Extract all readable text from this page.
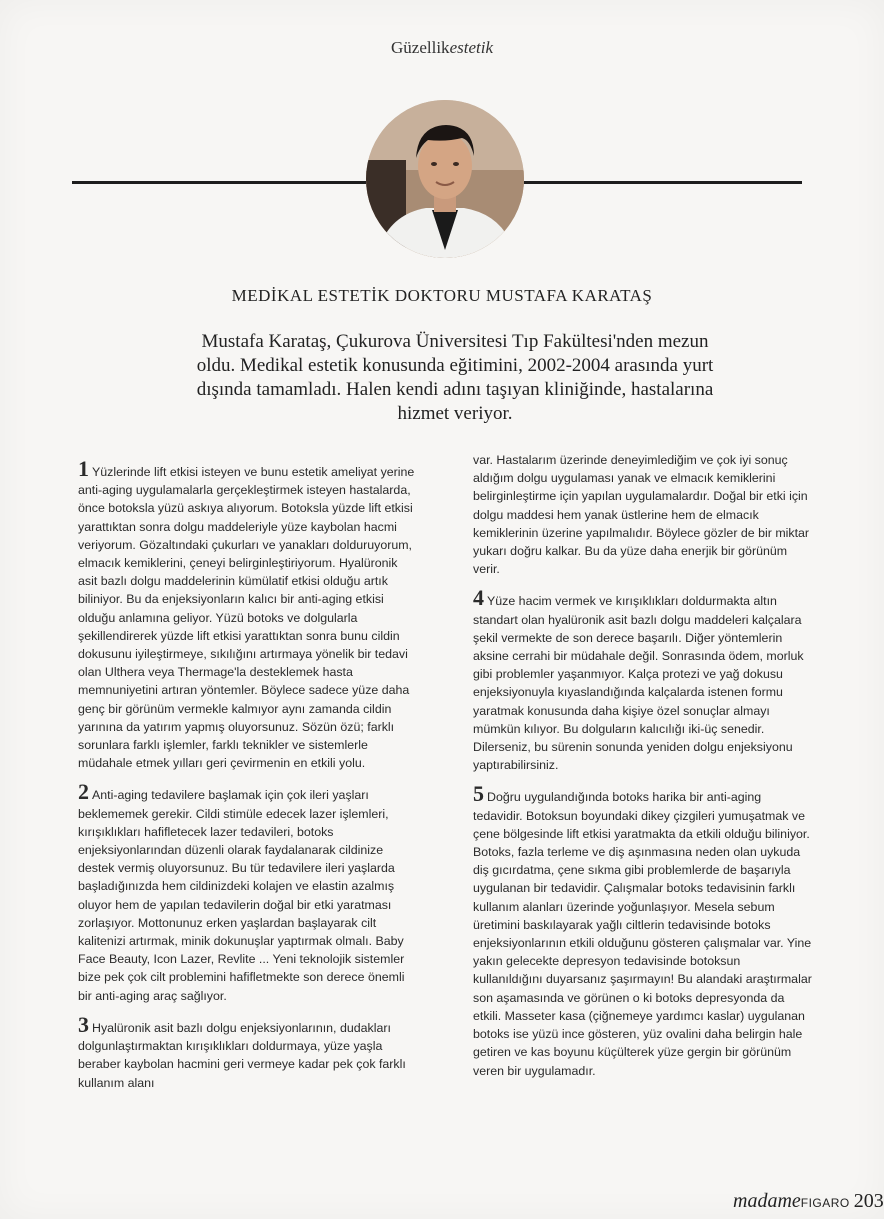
Güzellikestetik
MEDİKAL ESTETİK DOKTORU MUSTAFA KARATAŞ
Mustafa Karataş, Çukurova Üniversitesi Tıp Fakültesi'nden mezun oldu. Medikal estetik konusunda eğitimini, 2002-2004 arasında yurt dışında tamamladı. Halen kendi adını taşıyan kliniğinde, hastalarına hizmet veriyor.

1 Yüzlerinde lift etkisi isteyen ve bunu estetik ameliyat yerine anti-aging uygulamalarla gerçekleştirmek isteyen hastalarda, önce botoksla yüzü askıya alıyorum. Botoksla yüzde lift etkisi yarattıktan sonra dolgu maddeleriyle yüze kaybolan hacmi veriyorum. Gözaltındaki çukurları ve yanakları dolduruyorum, elmacık kemiklerini, çeneyi belirginleştiriyorum. Hyalüronik asit bazlı dolgu maddelerinin kümülatif etkisi olduğu artık biliniyor. Bu da enjeksiyonların kalıcı bir anti-aging etkisi olduğu anlamına geliyor. Yüzü botoks ve dolgularla şekillendirerek yüzde lift etkisi yarattıktan sonra bunu cildin dokusunu iyileştirmeye, sıkılığını artırmaya yönelik bir tedavi olan Ulthera veya Thermage'la desteklemek hasta memnuniyetini artıran yöntemler. Böylece sadece yüze daha genç bir görünüm vermekle kalmıyor aynı zamanda cildin yarınına da yatırım yapmış oluyorsunuz. Sözün özü; farklı sorunlara farklı işlemler, farklı teknikler ve sistemlerle müdahale etmek yılları geri çevirmenin en etkili yolu.

2 Anti-aging tedavilere başlamak için çok ileri yaşları beklememek gerekir. Cildi stimüle edecek lazer işlemleri, kırışıklıkları hafifletecek lazer tedavileri, botoks enjeksiyonlarından düzenli olarak faydalanarak cildinize destek vermiş oluyorsunuz. Bu tür tedavilere ileri yaşlarda başladığınızda hem cildinizdeki kolajen ve elastin azalmış oluyor hem de yapılan tedavilerin doğal bir etki yaratması zorlaşıyor. Mottonunuz erken yaşlardan başlayarak cilt kalitenizi artırmak, minik dokunuşlar yaptırmak olmalı. Baby Face Beauty, Icon Lazer, Revlite ... Yeni teknolojik sistemler bize pek çok cilt problemini hafifletmekte son derece önemli bir anti-aging araç sağlıyor.

3 Hyalüronik asit bazlı dolgu enjeksiyonlarının, dudakları dolgunlaştırmaktan kırışıklıkları doldurmaya, yüze yaşla beraber kaybolan hacmini geri vermeye kadar pek çok farklı kullanım alanı

var. Hastalarım üzerinde deneyimlediğim ve çok iyi sonuç aldığım dolgu uygulaması yanak ve elmacık kemiklerini belirginleştirme için yapılan uygulamalardır. Doğal bir etki için dolgu maddesi hem yanak üstlerine hem de elmacık kemiklerinin üzerine yapılmalıdır. Böylece gözler de bir miktar yukarı doğru kalkar. Bu da yüze daha enerjik bir görünüm verir.

4 Yüze hacim vermek ve kırışıklıkları doldurmakta altın standart olan hyalüronik asit bazlı dolgu maddeleri kalçalara şekil vermekte de son derece başarılı. Diğer yöntemlerin aksine cerrahi bir müdahale değil. Sonrasında ödem, morluk gibi problemler yaşanmıyor. Kalça protezi ve yağ dokusu enjeksiyonuyla kıyaslandığında kalçalarda istenen formu yaratmak konusunda daha kişiye özel sonuçlar almayı mümkün kılıyor. Bu dolguların kalıcılığı iki-üç senedir. Dilerseniz, bu sürenin sonunda yeniden dolgu enjeksiyonu yaptırabilirsiniz.

5 Doğru uygulandığında botoks harika bir anti-aging tedavidir. Botoksun boyundaki dikey çizgileri yumuşatmak ve çene bölgesinde lift etkisi yaratmakta da etkili olduğu biliniyor. Botoks, fazla terleme ve diş aşınmasına neden olan uykuda diş gıcırdatma, çene sıkma gibi problemlerde de başarıyla uygulanan bir tedavidir. Çalışmalar botoks tedavisinin farklı kullanım alanları üzerinde yoğunlaşıyor. Mesela sebum üretimini baskılayarak yağlı ciltlerin tedavisinde botoks enjeksiyonlarının etkili olduğunu gösteren çalışmalar var. Yine yakın gelecekte depresyon tedavisinde botoksun kullanıldığını duyarsanız şaşırmayın! Bu alandaki araştırmalar son aşamasında ve görünen o ki botoks depresyonda da etkili. Masseter kasa (çiğnemeye yardımcı kaslar) uygulanan botoks ise yüzü ince gösteren, yüz ovalini daha belirgin hale getiren ve kas boyunu küçülterek yüze gergin bir görünüm veren bir uygulamadır.

madameFIGARO 203
